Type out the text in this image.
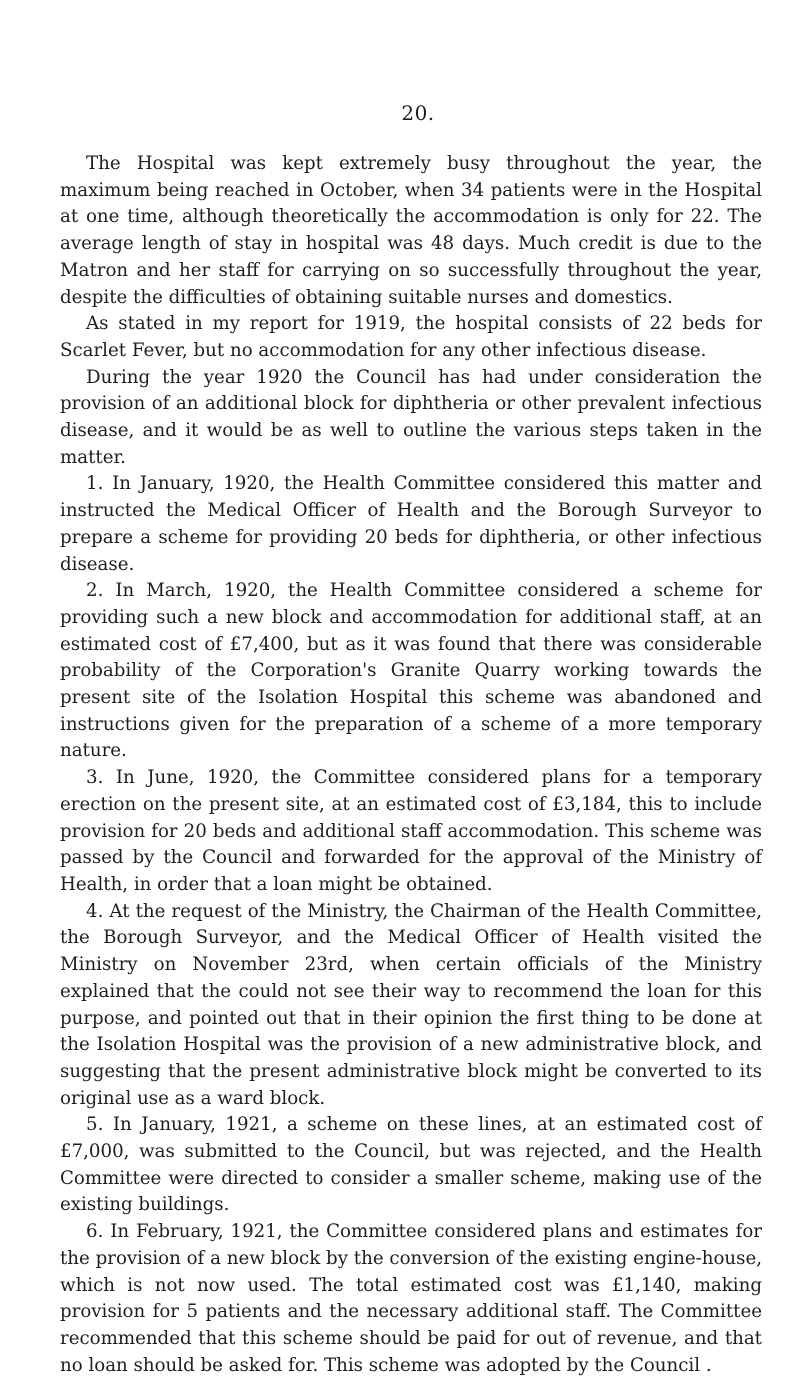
20.

The Hospital was kept extremely busy throughout the year, the maximum being reached in October, when 34 patients were in the Hospital at one time, although theoretically the accommodation is only for 22. The average length of stay in hospital was 48 days. Much credit is due to the Matron and her staff for carrying on so successfully throughout the year, despite the difficulties of obtaining suitable nurses and domestics.

As stated in my report for 1919, the hospital consists of 22 beds for Scarlet Fever, but no accommodation for any other infectious disease.

During the year 1920 the Council has had under consideration the provision of an additional block for diphtheria or other prevalent infectious disease, and it would be as well to outline the various steps taken in the matter.

1. In January, 1920, the Health Committee considered this matter and instructed the Medical Officer of Health and the Borough Surveyor to prepare a scheme for providing 20 beds for diphtheria, or other infectious disease.

2. In March, 1920, the Health Committee considered a scheme for providing such a new block and accommodation for additional staff, at an estimated cost of £7,400, but as it was found that there was considerable probability of the Corporation's Granite Quarry working towards the present site of the Isolation Hospital this scheme was abandoned and instructions given for the preparation of a scheme of a more temporary nature.

3. In June, 1920, the Committee considered plans for a temporary erection on the present site, at an estimated cost of £3,184, this to include provision for 20 beds and additional staff accommodation. This scheme was passed by the Council and forwarded for the approval of the Ministry of Health, in order that a loan might be obtained.

4. At the request of the Ministry, the Chairman of the Health Committee, the Borough Surveyor, and the Medical Officer of Health visited the Ministry on November 23rd, when certain officials of the Ministry explained that the could not see their way to recommend the loan for this purpose, and pointed out that in their opinion the first thing to be done at the Isolation Hospital was the provision of a new administrative block, and suggesting that the present administrative block might be converted to its original use as a ward block.

5. In January, 1921, a scheme on these lines, at an estimated cost of £7,000, was submitted to the Council, but was rejected, and the Health Committee were directed to consider a smaller scheme, making use of the existing buildings.

6. In February, 1921, the Committee considered plans and estimates for the provision of a new block by the conversion of the existing engine-house, which is not now used. The total estimated cost was £1,140, making provision for 5 patients and the necessary additional staff. The Committee recommended that this scheme should be paid for out of revenue, and that no loan should be asked for. This scheme was adopted by the Council .
